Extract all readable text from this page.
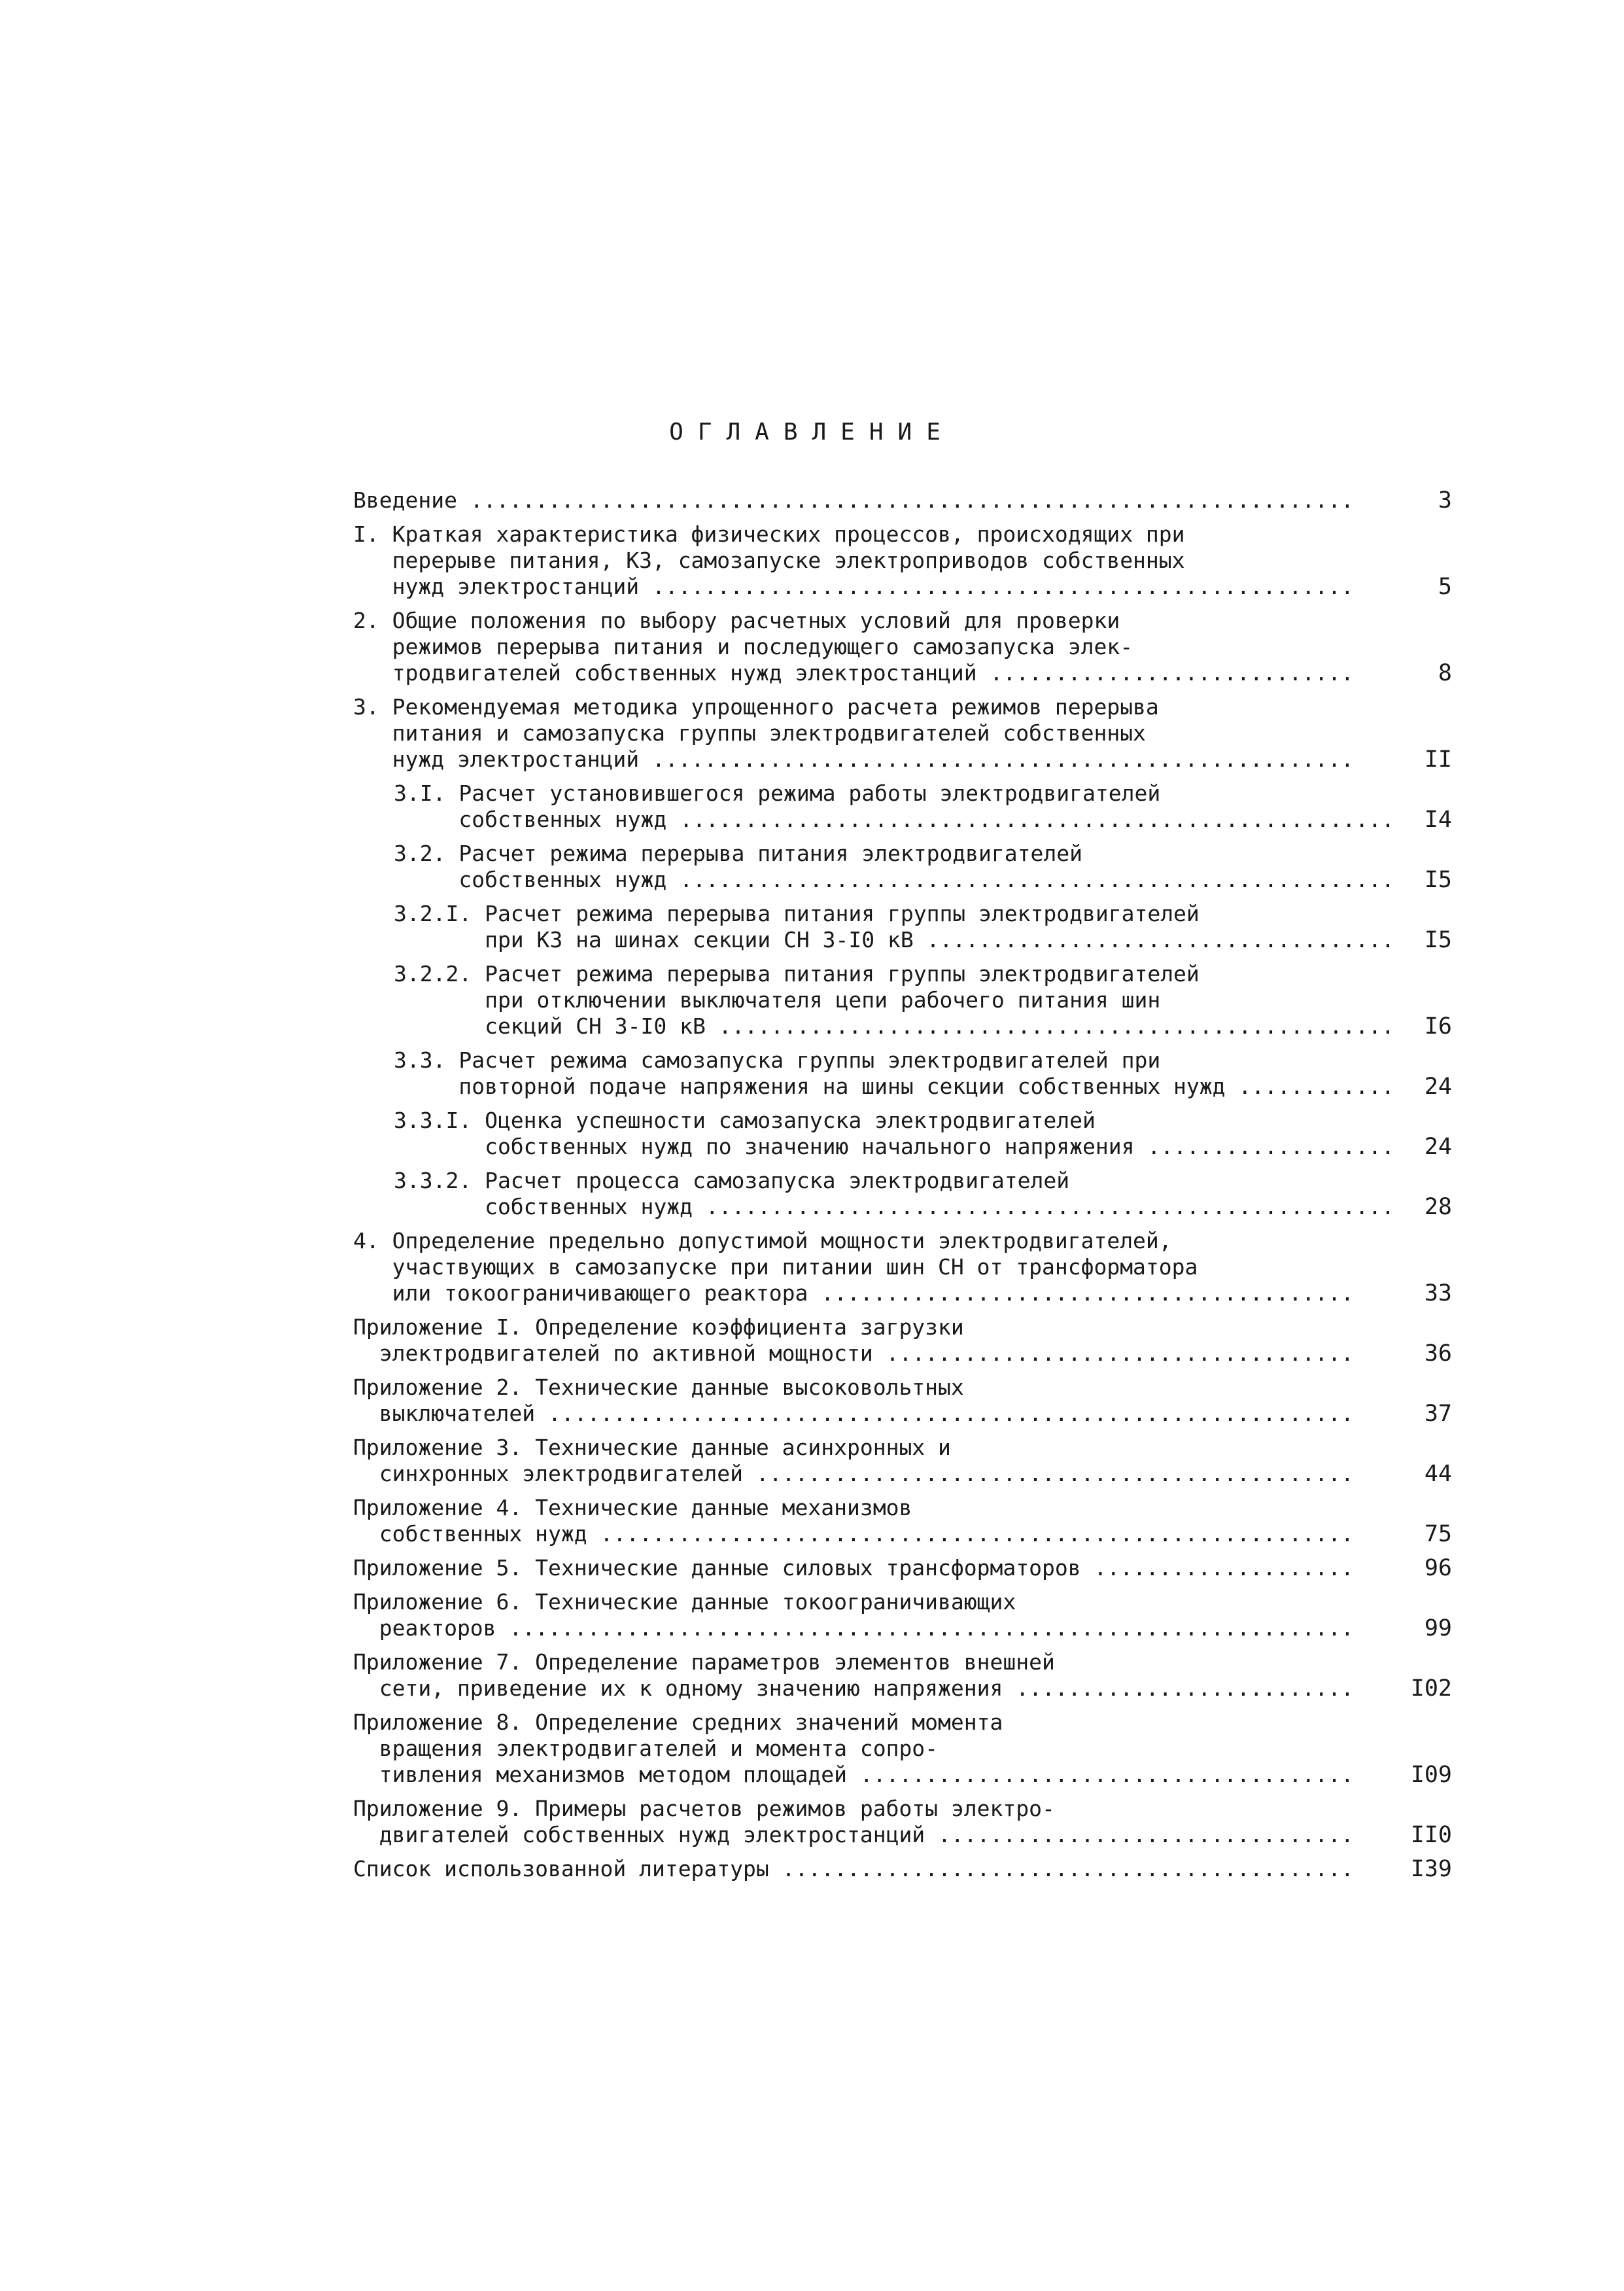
ОГЛАВЛЕНИЕ
Введение .....	3
I. Краткая характеристика физических процессов, происходящих при
перерыве питания, КЗ, самозапуске электроприводов собственных
нужд электростанций .....	5
2. Общие положения по выбору расчетных условий для проверки
режимов перерыва питания и последующего самозапуска элек-
тродвигателей собственных нужд электростанций .....	8
3. Рекомендуемая методика упрощенного расчета режимов перерыва
питания и самозапуска группы электродвигателей собственных
нужд электростанций .....	II
3.I. Расчет установившегося режима работы электродвигателей
собственных нужд .....	I4
3.2. Расчет режима перерыва питания электродвигателей
собственных нужд .....	I5
3.2.I. Расчет режима перерыва питания группы электродвигателей
при КЗ на шинах секции СН 3-I0 кВ .....	I5
3.2.2. Расчет режима перерыва питания группы электродвигателей
при отключении выключателя цепи рабочего питания шин
секций СН 3-I0 кВ .....	I6
3.3. Расчет режима самозапуска группы электродвигателей при
повторной подаче напряжения на шины секции собственных нужд .....	24
3.3.I. Оценка успешности самозапуска электродвигателей
собственных нужд по значению начального напряжения .....	24
3.3.2. Расчет процесса самозапуска электродвигателей
собственных нужд .....	28
4. Определение предельно допустимой мощности электродвигателей,
участвующих в самозапуске при питании шин СН от трансформатора
или токоограничивающего реактора .....	33
Приложение I. Определение коэффициента загрузки
электродвигателей по активной мощности .....	36
Приложение 2. Технические данные высоковольтных
выключателей .....	37
Приложение 3. Технические данные асинхронных и
синхронных электродвигателей .....	44
Приложение 4. Технические данные механизмов
собственных нужд .....	75
Приложение 5. Технические данные силовых трансформаторов .....	96
Приложение 6. Технические данные токоограничивающих
реакторов .....	99
Приложение 7. Определение параметров элементов внешней
сети, приведение их к одному значению напряжения .....	I02
Приложение 8. Определение средних значений момента
вращения электродвигателей и момента сопро-
тивления механизмов методом площадей .....	I09
Приложение 9. Примеры расчетов режимов работы электро-
двигателей собственных нужд электростанций .....	II0
Список использованной литературы .....	I39
